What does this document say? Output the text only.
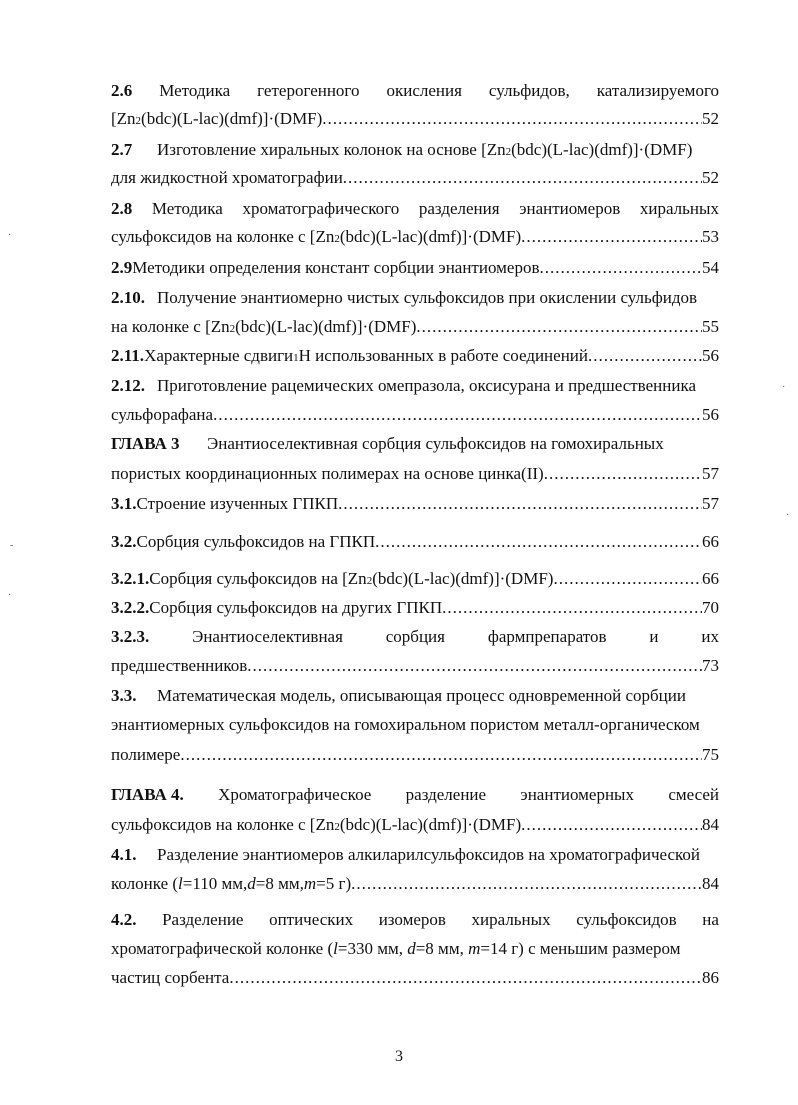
2.6 Методика гетерогенного окисления сульфидов, катализируемого
[Zn 2 (bdc)(L-lac)(dmf)]·(DMF) .....	52
2.7	Изготовление хиральных колонок на основе [Zn 2 (bdc)(L-lac)(dmf)]·(DMF)
для жидкостной хроматографии .....	52
2.8 Методика хроматографического разделения энантиомеров хиральных
сульфоксидов на колонке с [Zn 2 (bdc)(L-lac)(dmf)]·(DMF) .....	53
2.9 Методики определения констант сорбции энантиомеров .....	54
2.10. Получение энантиомерно чистых сульфоксидов при окислении сульфидов
на колонке с [Zn 2 (bdc)(L-lac)(dmf)]·(DMF) .....	55
2.11. Характерные сдвиги 1 H использованных в работе соединений .....	56
2.12. Приготовление рацемических омепразола, оксисурана и предшественника
сульфорафана .....	56
ГЛАВА 3	Энантиоселективная сорбция сульфоксидов на гомохиральных
пористых координационных полимерах на основе цинка(II) .....	57
3.1. Строение изученных ГПКП .....	57
3.2. Сорбция сульфоксидов на ГПКП .....	66
3.2.1. Сорбция сульфоксидов на [Zn 2 (bdc)(L-lac)(dmf)]·(DMF) .....	66
3.2.2. Сорбция сульфоксидов на других ГПКП .....	70
3.2.3.	Энантиоселективная	сорбция	фармпрепаратов	и	их
предшественников .....	73
3.3.	Математическая модель, описывающая процесс одновременной сорбции
энантиомерных сульфоксидов на гомохиральном пористом металл-органическом
полимере .....	75
ГЛАВА 4. Хроматографическое разделение энантиомерных смесей
сульфоксидов на колонке с [Zn 2 (bdc)(L-lac)(dmf)]·(DMF) .....	84
4.1.	Разделение энантиомеров алкиларилсульфоксидов на хроматографической
колонке ( l =110 мм, d =8 мм, m =5 г) .....	84
4.2. Разделение оптических изомеров хиральных сульфоксидов на
хроматографической колонке (l=330 мм, d=8 мм, m=14 г) с меньшим размером
частиц сорбента .....	86
3
·
-
·
·
·
